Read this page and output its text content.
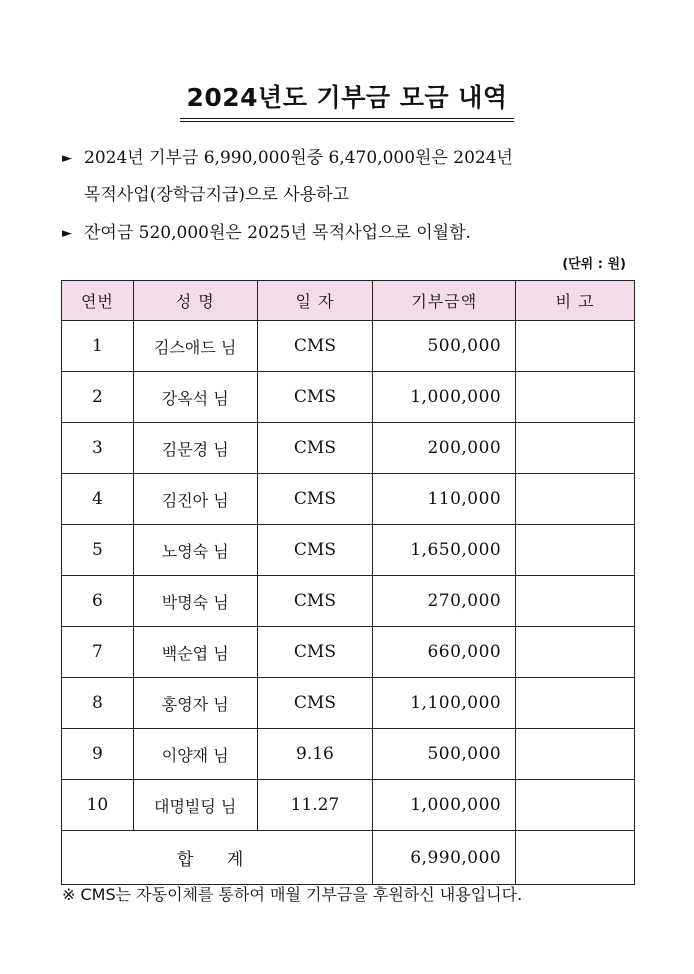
2024년도 기부금 모금 내역
► 2024년 기부금 6,990,000원중 6,470,000원은 2024년
목적사업(장학금지급)으로 사용하고
► 잔여금 520,000원은 2025년 목적사업으로 이월함.
(단위 : 원)
연번	성 명	일 자	기부금액	비 고
1	김스애드 님	CMS	500,000	
2	강옥석 님	CMS	1,000,000	
3	김문경 님	CMS	200,000	
4	김진아 님	CMS	110,000	
5	노영숙 님	CMS	1,650,000	
6	박명숙 님	CMS	270,000	
7	백순엽 님	CMS	660,000	
8	홍영자 님	CMS	1,100,000	
9	이양재 님	9.16	500,000	
10	대명빌딩 님	11.27	1,000,000	
합 계			6,990,000	
※ CMS는 자동이체를 통하여 매월 기부금을 후원하신 내용입니다.
